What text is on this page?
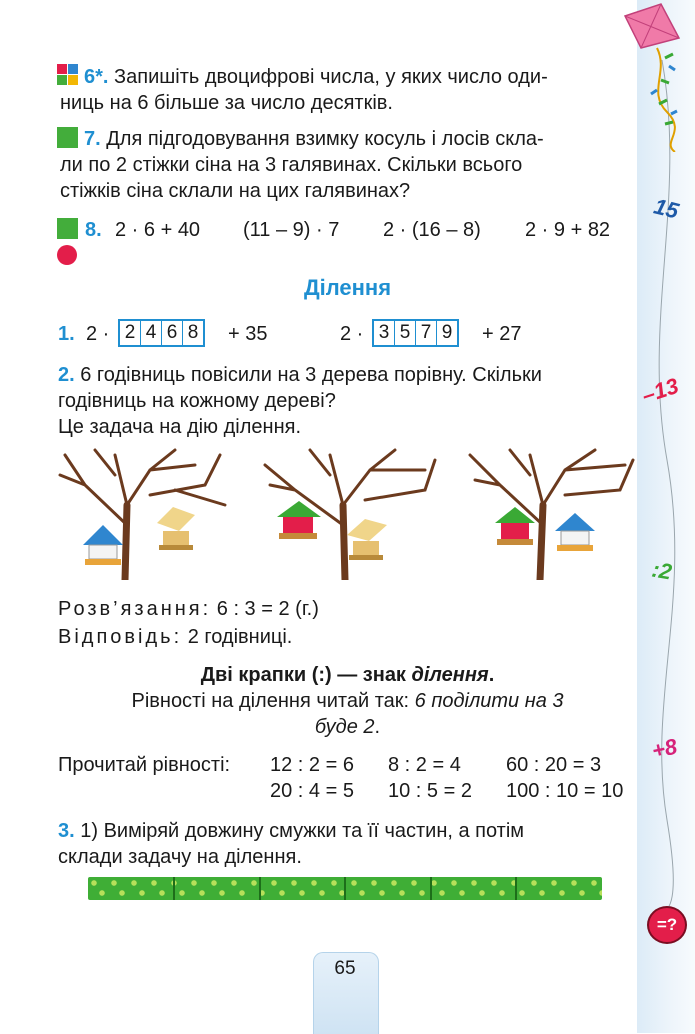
15
–13
:2
+8
=?
6*. Запишіть двоцифрові числа, у яких число оди-
ниць на 6 більше за число десятків.
7. Для підгодовування взимку косуль і лосів скла-
ли по 2 стіжки сіна на 3 галявинах. Скільки всього
стіжків сіна склали на цих галявинах?
8. 2 · 6 + 40 (11 – 9) · 7 2 · (16 – 8) 2 · 9 + 82
Ділення
1. 2 · 2 4 6 8 + 35	2 · 3 5 7 9 + 27
2. 6 годівниць повісили на 3 дерева порівну. Скільки
годівниць на кожному дереві?
Це задача на дію ділення.
Розв’язання: 6 : 3 = 2 (г.)
Відповідь: 2 годівниці.
Дві крапки (:) — знак ділення.
Рівності на ділення читай так: 6 поділити на 3
буде 2.
Прочитай рівності: 12 : 2 = 6 8 : 2 = 4 60 : 20 = 3
20 : 4 = 5 10 : 5 = 2 100 : 10 = 10
3. 1) Виміряй довжину смужки та її частин, а потім
склади задачу на ділення.
65
